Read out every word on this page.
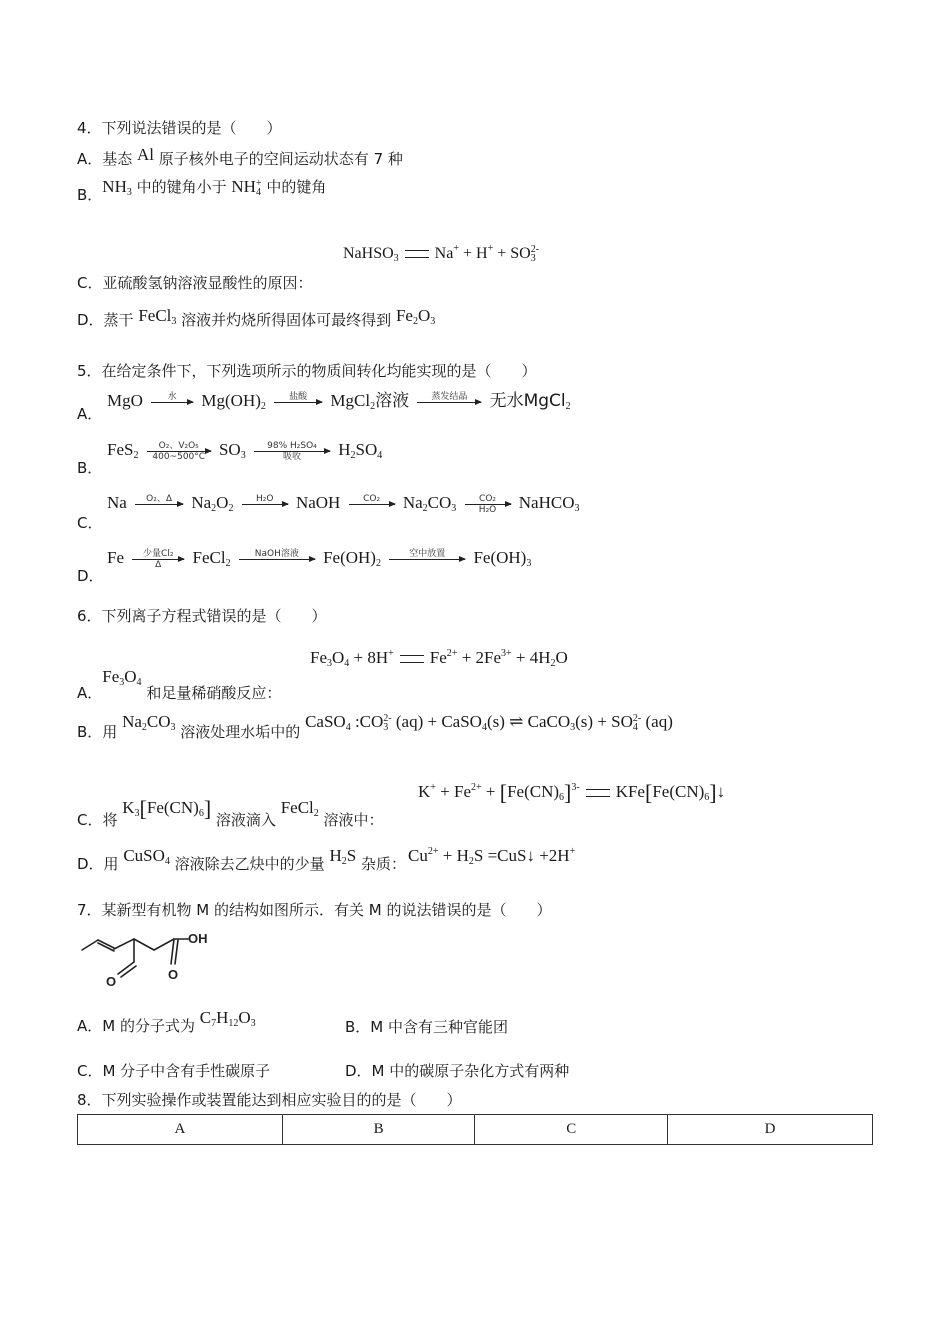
4．下列说法错误的是（　　）
A．基态 Al 原子核外电子的空间运动状态有 7 种
B．$NH_3$ 中的键角小于 NH +
4 中的键角
NaHSO$_3$ Na+ + H+ + SO 2-
3
C．亚硫酸氢钠溶液显酸性的原因：
D．蒸干 FeCl$_3$ 溶液并灼烧所得固体可最终得到 $Fe_2O_3$
5．在给定条件下，下列选项所示的物质间转化均能实现的是（　　）
A．
MgO	水
	$Mg(OH)_2$
盐酸
	MgCl$_2$溶液	蒸发结晶
	无水MgCl$_2$
B．
$FeS_2 \frac{\text{O₂、V₂O₅}}{400\sim 500^\circ C} SO_3$
98% H₂SO₄
吸收	$H_2SO_4$
C．
Na	O₂、Δ
	$Na_2O_2$
H₂O
	NaOH	CO₂
	$Na_2CO_3 \frac{\text{CO₂}}{\text{H₂O}}$ NaHCO$_3$
D．
Fe	少量Cl₂
Δ	FeCl$_2$
NaOH溶液
	$Fe(OH)_2$
空中放置
	$Fe(OH)_3$
6．下列离子方程式错误的是（　　）
$Fe_3O_4 + 8H^+$ $Fe^{2+} + 2Fe^{3+} + 4H_2O$
A．$Fe_3O_4$ 和足量稀硝酸反应：
B．用 $Na_2CO_3$ 溶液处理水垢中的 CaSO$_4$ :CO 2-
3 (aq) + CaSO$_4$(s) ⇌ CaCO$_3$(s) + SO 2-
4 (aq)
$K^+ + Fe^{2+} + [Fe(CN)_6]^{3-}$ $KFe[Fe(CN)_6]↓$
C．将 $K_3[Fe(CN)_6]$ 溶液滴入 FeCl$_2$ 溶液中：
D．用 CuSO$_4$ 溶液除去乙炔中的少量 $H_2S$ 杂质： $Cu^{2+} + H_2S$ =CuS↓ +2H+
7．某新型有机物 M 的结构如图所示．有关 M 的说法错误的是（　　）
OH
O
O
A．M 的分子式为 $C_7H_{12}O_3$	B．M 中含有三种官能团
C．M 分子中含有手性碳原子	D．M 中的碳原子杂化方式有两种
8．下列实验操作或装置能达到相应实验目的的是（　　）
A	B	C	D
